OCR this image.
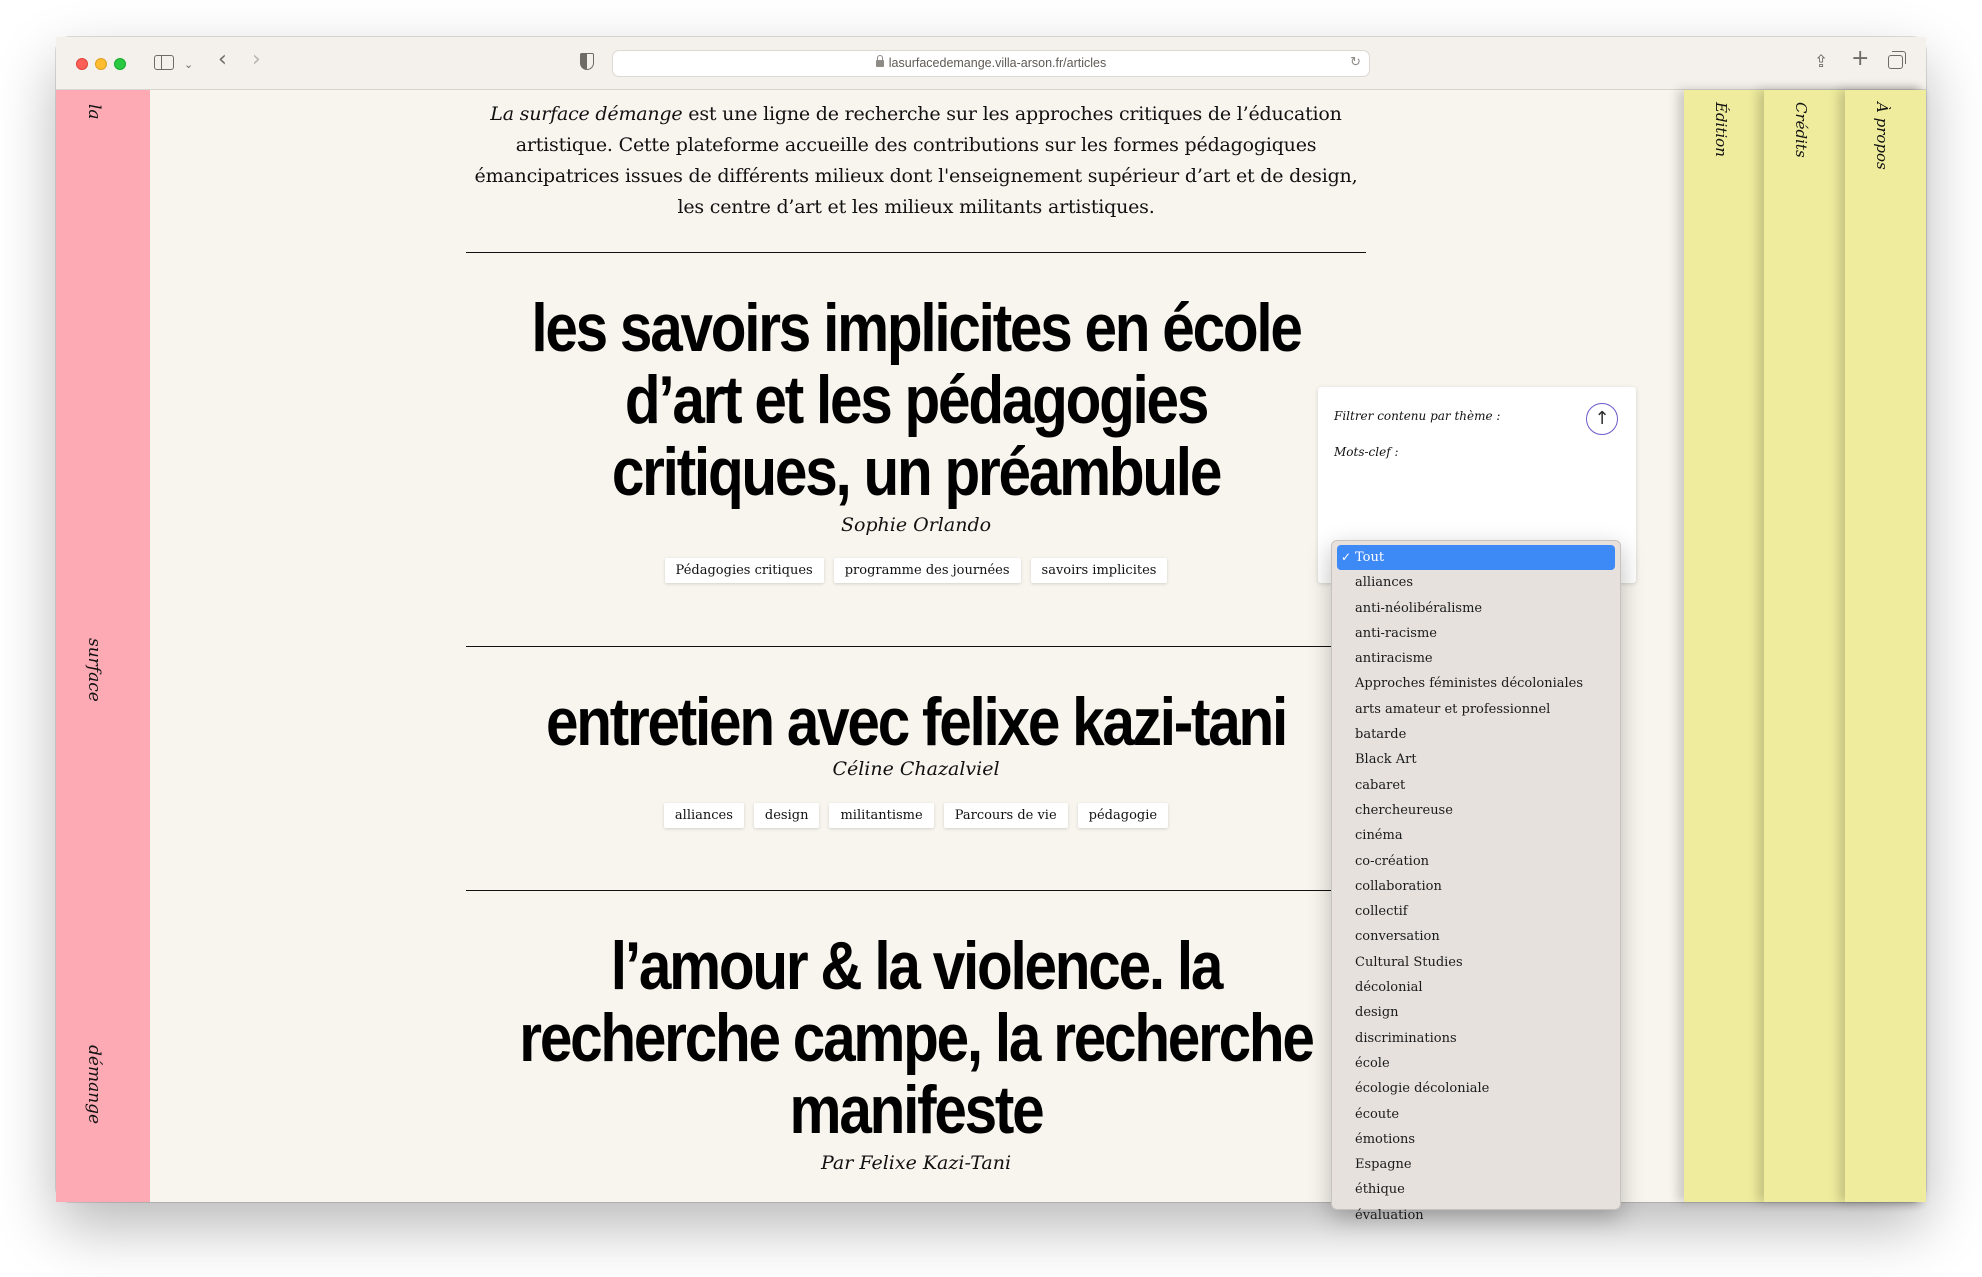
⌄ ‹ ›	lasurfacedemange.villa-arson.fr/articles	↻	⇪ +
la
surface
démange

La surface démange est une ligne de recherche sur les approches critiques de l’éducation artistique. Cette plateforme accueille des contributions sur les formes pédagogiques émancipatrices issues de différents milieux dont l'enseignement supérieur d’art et de design, les centre d’art et les milieux militants artistiques.

les savoirs implicites en école d’art et les pédagogies critiques, un préambule
Sophie Orlando
Pédagogies critiques programme des journées savoirs implicites
entretien avec felixe kazi-tani
Céline Chazalviel
alliances design militantisme Parcours de vie pédagogie
l’amour & la violence. la recherche campe, la recherche manifeste
Par Felixe Kazi-Tani
Filtrer contenu par thème :
Mots-clef :
↑
Édition	Crédits	À propos
✓ Tout
alliances
anti-néolibéralisme
anti-racisme
antiracisme
Approches féministes décoloniales
arts amateur et professionnel
batarde
Black Art
cabaret
chercheureuse
cinéma
co-création
collaboration
collectif
conversation
Cultural Studies
décolonial
design
discriminations
école
écologie décoloniale
écoute
émotions
Espagne
éthique
évaluation
